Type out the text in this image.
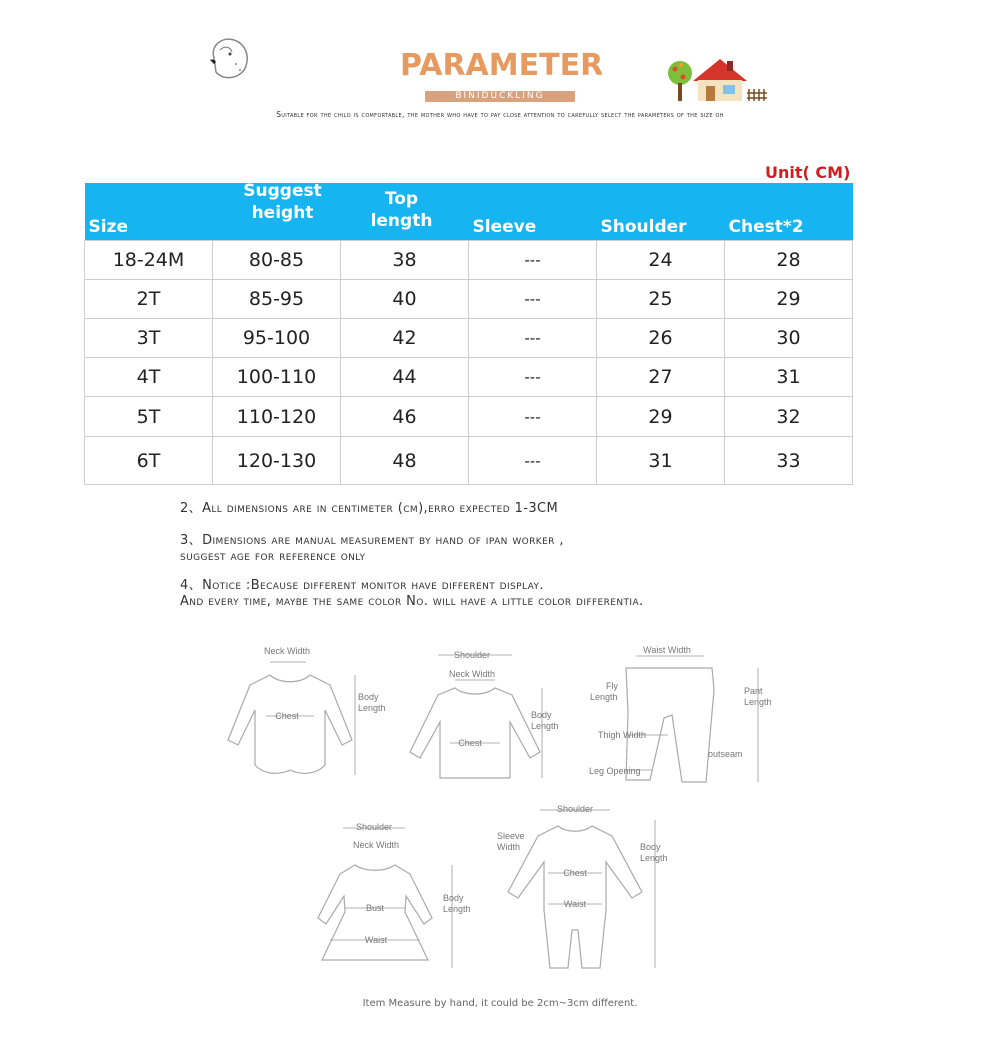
PARAMETER
BINIDUCKLING
Suitable for the child is comfortable, the mother who have to pay close attention to carefully select the parameters of the size oh
Unit( CM)
Size	Suggest height	Top length	Sleeve	Shoulder	Chest*2
18-24M	80-85	38	---	24	28
2T	85-95	40	---	25	29
3T	95-100	42	---	26	30
4T	100-110	44	---	27	31
5T	110-120	46	---	29	32
6T	120-130	48	---	31	33
2、All dimensions are in centimeter (cm),erro expected 1-3CM
3、Dimensions are manual measurement by hand of ipan worker ,
suggest age for reference only
4、Notice :Because different monitor have different display.
And every time, maybe the same color No. will have a little color differentia.
Neck Width
Body
Length
Chest
Shoulder
Neck Width
Body
Length
Chest
Waist Width
Fly
Length
Pant
Length
Thigh Width
outseam
Leg Opening
Shoulder
Neck Width
Body
Length
Bust
Waist
Shoulder
Sleeve
Width	Body
Length
Chest
Waist
Item Measure by hand, it could be 2cm~3cm different.
